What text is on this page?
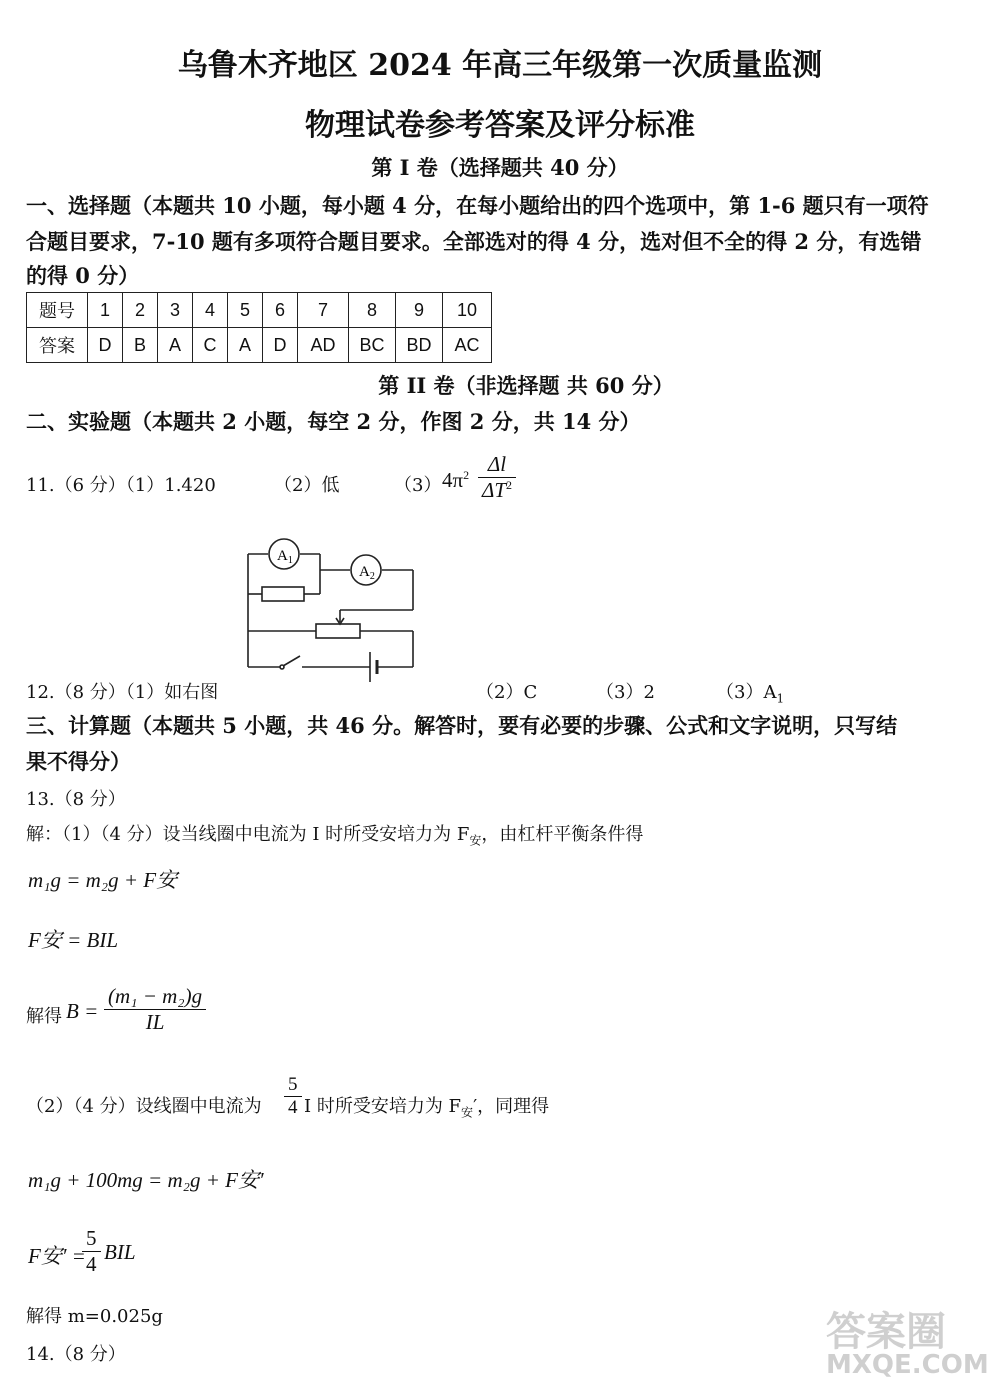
乌鲁木齐地区 2024 年高三年级第一次质量监测
物理试卷参考答案及评分标准
第 I 卷（选择题共 40 分）
一、选择题（本题共 10 小题，每小题 4 分，在每小题给出的四个选项中，第 1-6 题只有一项符
合题目要求，7-10 题有多项符合题目要求。全部选对的得 4 分，选对但不全的得 2 分，有选错
的得 0 分）
题号	1	2	3	4	5	6	7	8	9	10
答案	D	B	A	C	A	D	AD	BC	BD	AC
第 II 卷（非选择题 共 60 分）
二、实验题（本题共 2 小题，每空 2 分，作图 2 分，共 14 分）
11.（6 分）（1）1.420	（2）低	（3） $4\pi^2 \frac{\Delta l}{\Delta T^2}$
$A_1$
$A_2$
12.（8 分）（1）如右图	（2）C	（3）2	$(3)A_1$
三、计算题（本题共 5 小题，共 46 分。解答时，要有必要的步骤、公式和文字说明，只写结
果不得分）
13.（8 分）
解：（1）（4 分）设当线圈中电流为 I 时所受安培力为 $F_安$，由杠杆平衡条件得
m₁g = m₂g + F安
F安 = BIL
解得 $B = \frac{\text{(m₁ − m₂)g}}{IL}$
（2）（4 分）设线圈中电流为 $\frac{5}{4}$ I 时所受安培力为 $F_安'$，同理得
m₁g + 100mg = m₂g + F安′
F安′ =
$\frac{5}{4}$ BIL
解得 m=0.025g
14.（8 分）	答案圈
MXQE.COM
